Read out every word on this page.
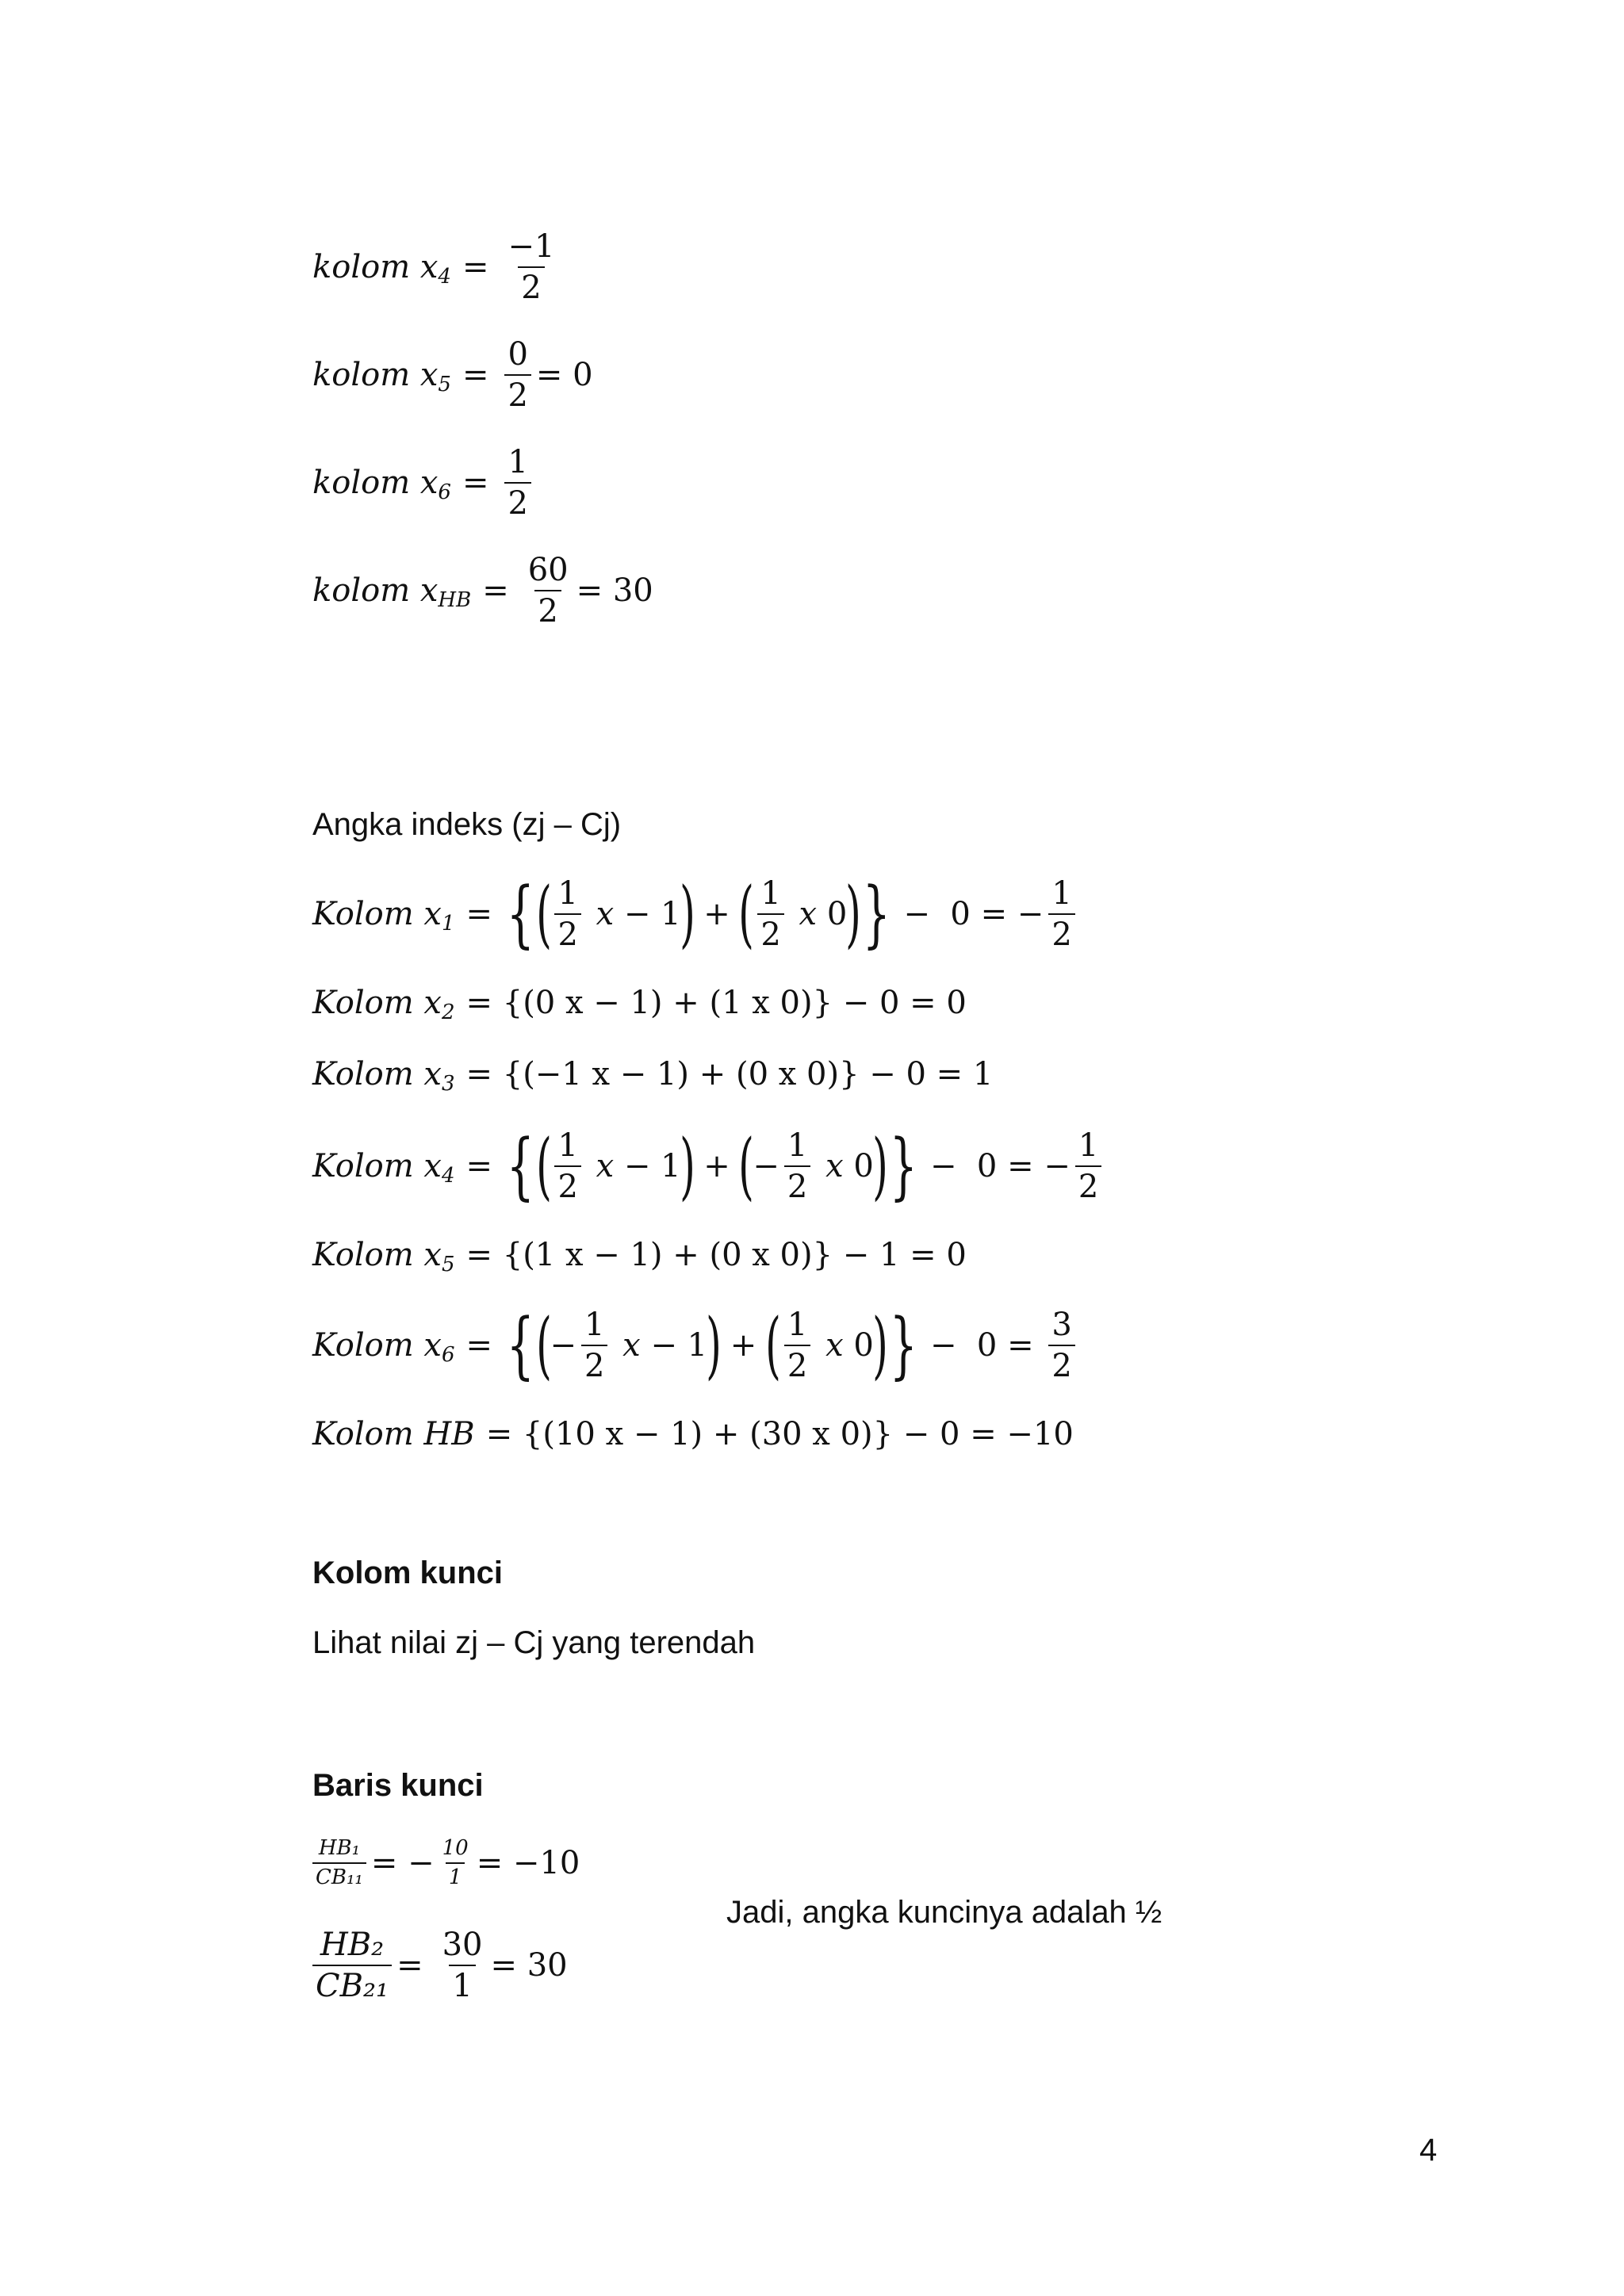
kolom x $4 = \frac{-1}{2}$
kolom x $5 = \frac{0}{2} = 0$
kolom x $6 = \frac{1}{2}$
kolom x HB = $\frac{60}{2} = 30$
Angka indeks (zj – Cj)
Kolom x 1 = { ( $\frac{1}{2}$ x − 1
)
+
( $\frac{1}{2}$ x 0
) } −  0 = − $\frac{1}{2}$
Kolom x 2 = {(0 x − 1) + (1 x 0)} − 0 = 0
Kolom x 3 = {(−1 x − 1) + (0 x 0)} − 0 = 1
Kolom x 4 = { ( $\frac{1}{2}$ x − 1
)
+
(
− $\frac{1}{2}$ x 0
) } −  0 = − $\frac{1}{2}$
Kolom x 5 = {(1 x − 1) + (0 x 0)} − 1 = 0
Kolom x 6 = { (
− $\frac{1}{2}$ x − 1
)
+
( $\frac{1}{2}$ x 0
) } −  $0 = \frac{3}{2}$
Kolom HB = {(10 x − 1) + (30 x 0)} − 0 = −10
Kolom kunci
Lihat nilai zj – Cj yang terendah
Baris kunci
$\frac{\text{HB₁}}{\text{CB₁₁}}$ = − $\frac{10}{1} = -10$
Jadi, angka kuncinya adalah ½
$\frac{\text{HB₂}}{\text{CB₂₁}} = \frac{30}{1} = 30$
4
